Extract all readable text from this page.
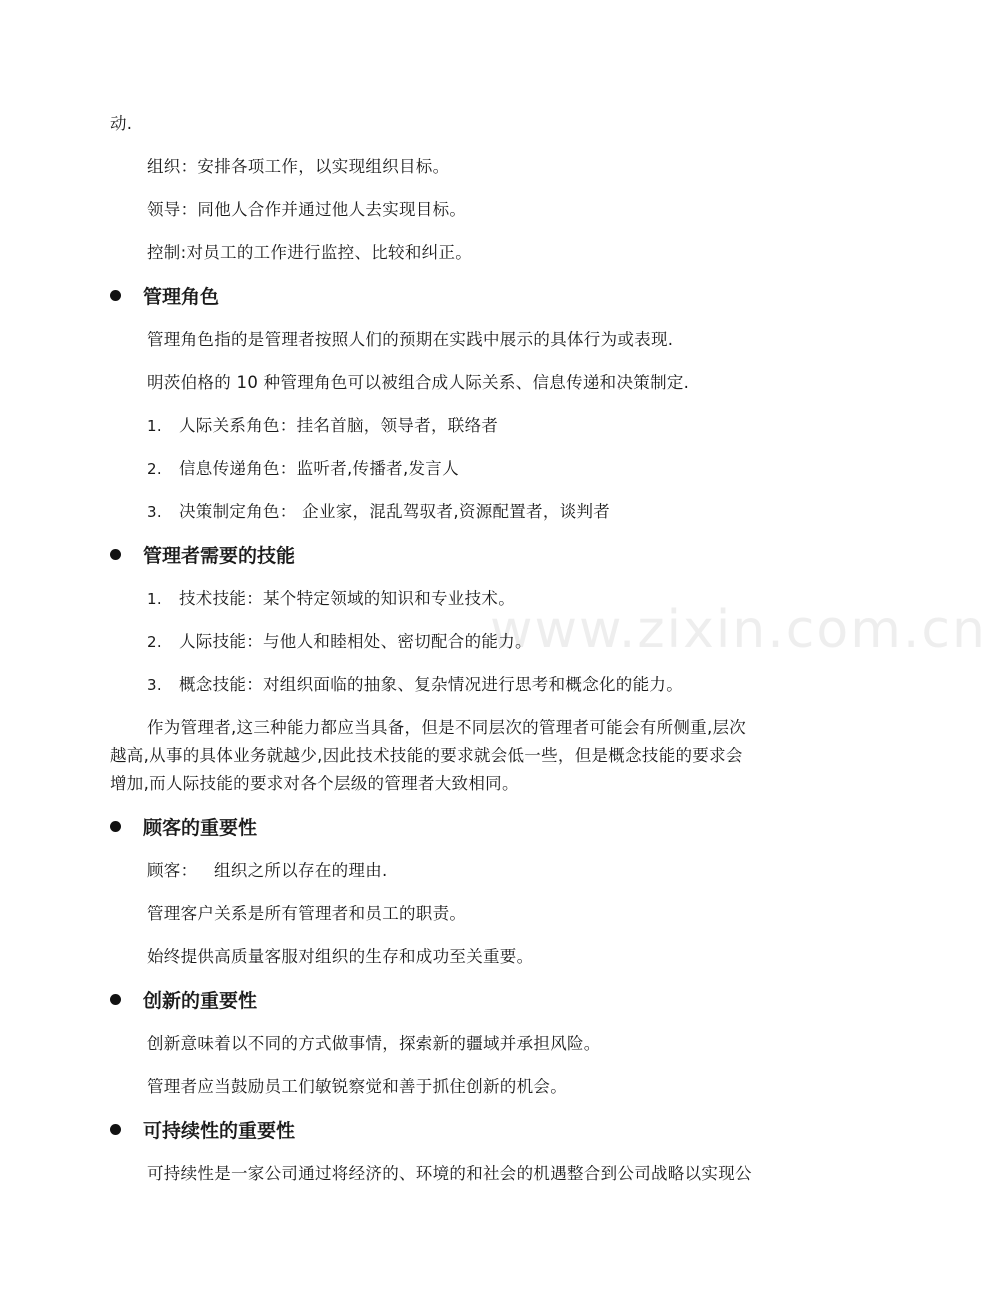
www.zixin.com.cn
动.
组织：安排各项工作，以实现组织目标。
领导：同他人合作并通过他人去实现目标。
控制:对员工的工作进行监控、比较和纠正。
管理角色
管理角色指的是管理者按照人们的预期在实践中展示的具体行为或表现.
明茨伯格的 10 种管理角色可以被组合成人际关系、信息传递和决策制定.
1. 人际关系角色：挂名首脑，领导者，联络者
2. 信息传递角色：监听者,传播者,发言人
3. 决策制定角色： 企业家，混乱驾驭者,资源配置者，谈判者
管理者需要的技能
1. 技术技能：某个特定领域的知识和专业技术。
2. 人际技能：与他人和睦相处、密切配合的能力。
3. 概念技能：对组织面临的抽象、复杂情况进行思考和概念化的能力。
作为管理者,这三种能力都应当具备，但是不同层次的管理者可能会有所侧重,层次
越高,从事的具体业务就越少,因此技术技能的要求就会低一些，但是概念技能的要求会
增加,而人际技能的要求对各个层级的管理者大致相同。
顾客的重要性
顾客：   组织之所以存在的理由.
管理客户关系是所有管理者和员工的职责。
始终提供高质量客服对组织的生存和成功至关重要。
创新的重要性
创新意味着以不同的方式做事情，探索新的疆域并承担风险。
管理者应当鼓励员工们敏锐察觉和善于抓住创新的机会。
可持续性的重要性
可持续性是一家公司通过将经济的、环境的和社会的机遇整合到公司战略以实现公
